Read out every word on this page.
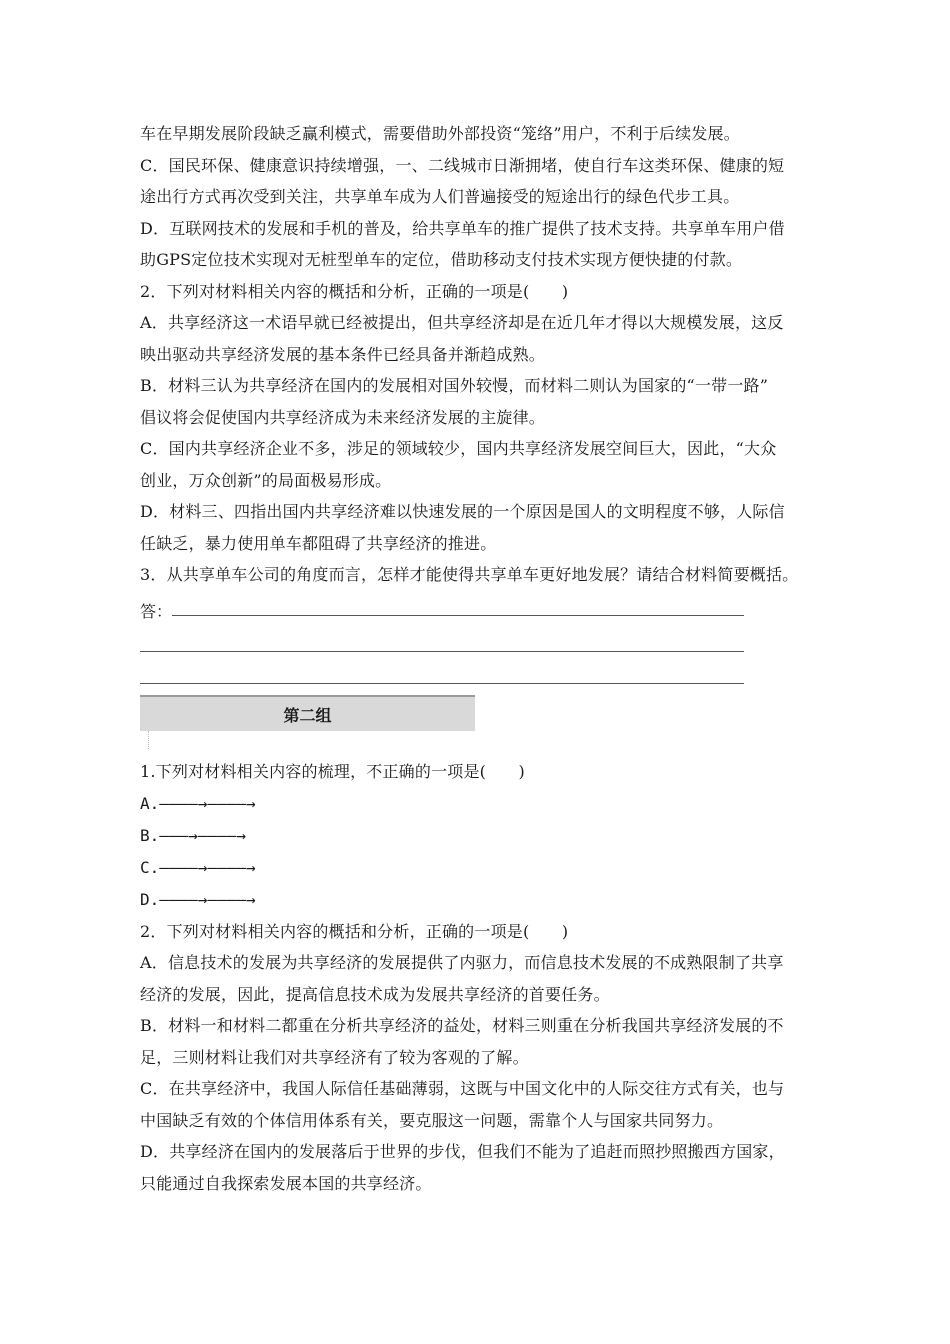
车在早期发展阶段缺乏赢利模式，需要借助外部投资“笼络”用户，不利于后续发展。

C．国民环保、健康意识持续增强，一、二线城市日渐拥堵，使自行车这类环保、健康的短

途出行方式再次受到关注，共享单车成为人们普遍接受的短途出行的绿色代步工具。

D．互联网技术的发展和手机的普及，给共享单车的推广提供了技术支持。共享单车用户借

助GPS定位技术实现对无桩型单车的定位，借助移动支付技术实现方便快捷的付款。

2．下列对材料相关内容的概括和分析，正确的一项是(　　)

A．共享经济这一术语早就已经被提出，但共享经济却是在近几年才得以大规模发展，这反

映出驱动共享经济发展的基本条件已经具备并渐趋成熟。

B．材料三认为共享经济在国内的发展相对国外较慢，而材料二则认为国家的“一带一路”

倡议将会促使国内共享经济成为未来经济发展的主旋律。

C．国内共享经济企业不多，涉足的领域较少，国内共享经济发展空间巨大，因此，“大众

创业，万众创新”的局面极易形成。

D．材料三、四指出国内共享经济难以快速发展的一个原因是国人的文明程度不够，人际信

任缺乏，暴力使用单车都阻碍了共享经济的推进。

3．从共享单车公司的角度而言，怎样才能使得共享单车更好地发展？请结合材料简要概括。

答：
第二组

1.下列对材料相关内容的梳理，不正确的一项是(　　)

A.――――→――――→
B.―――→――――→
C.――――→――――→
D.――――→――――→

2．下列对材料相关内容的概括和分析，正确的一项是(　　)

A．信息技术的发展为共享经济的发展提供了内驱力，而信息技术发展的不成熟限制了共享

经济的发展，因此，提高信息技术成为发展共享经济的首要任务。

B．材料一和材料二都重在分析共享经济的益处，材料三则重在分析我国共享经济发展的不

足，三则材料让我们对共享经济有了较为客观的了解。

C．在共享经济中，我国人际信任基础薄弱，这既与中国文化中的人际交往方式有关，也与

中国缺乏有效的个体信用体系有关，要克服这一问题，需靠个人与国家共同努力。

D．共享经济在国内的发展落后于世界的步伐，但我们不能为了追赶而照抄照搬西方国家，

只能通过自我探索发展本国的共享经济。
